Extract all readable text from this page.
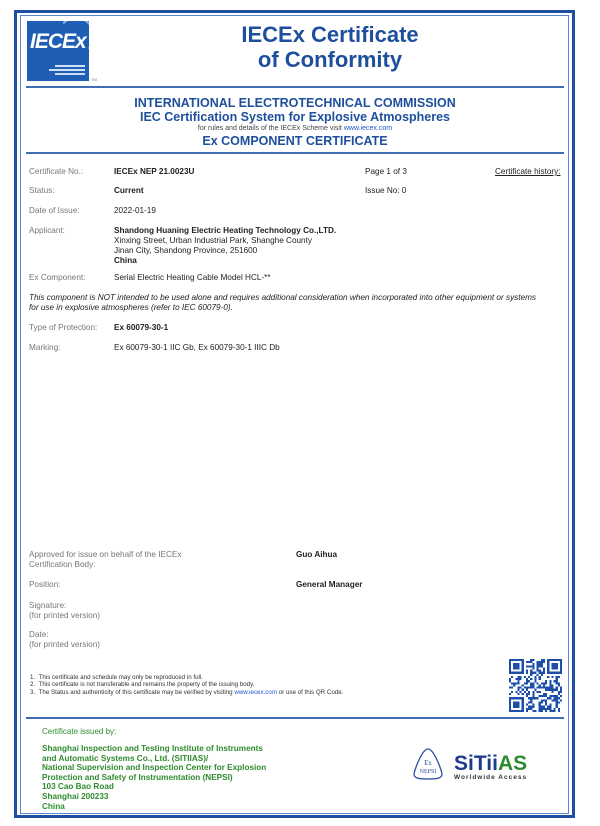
IECEx
TM
IECEx Certificate
of Conformity
INTERNATIONAL ELECTROTECHNICAL COMMISSION
IEC Certification System for Explosive Atmospheres
for rules and details of the IECEx Scheme visit www.iecex.com
Ex COMPONENT CERTIFICATE
Certificate No.:	IECEx NEP 21.0023U	Page 1 of 3	Certificate history:
Status:	Current	Issue No: 0
Date of Issue:	2022-01-19
Applicant:	Shandong Huaning Electric Heating Technology Co.,LTD.
Xinxing Street, Urban Industrial Park, Shanghe County
Jinan City, Shandong Province, 251600
China
Ex Component:	Serial Electric Heating Cable Model HCL-**
This component is NOT intended to be used alone and requires additional consideration when incorporated into other equipment or systems
for use in explosive atmospheres (refer to IEC 60079-0).
Type of Protection: Ex 60079-30-1
Marking:	Ex 60079-30-1 IIC Gb, Ex 60079-30-1 IIIC Db
Approved for issue on behalf of the IECEx
Certification Body:
Guo Aihua
Position:	General Manager
Signature:
(for printed version)
Date:
(for printed version)
1. This certificate and schedule may only be reproduced in full.
2. This certificate is not transferable and remains the property of the issuing body.
3. The Status and authenticity of this certificate may be verified by visiting www.iecex.com or use of this QR Code.
Certificate issued by:
Shanghai Inspection and Testing Institute of Instruments
and Automatic Systems Co., Ltd. (SITIIAS)/
National Supervision and Inspection Center for Explosion
Protection and Safety of Instrumentation (NEPSI)
103 Cao Bao Road
Shanghai 200233
China
Ex
NEPSI SiTiiAS
Worldwide Access
